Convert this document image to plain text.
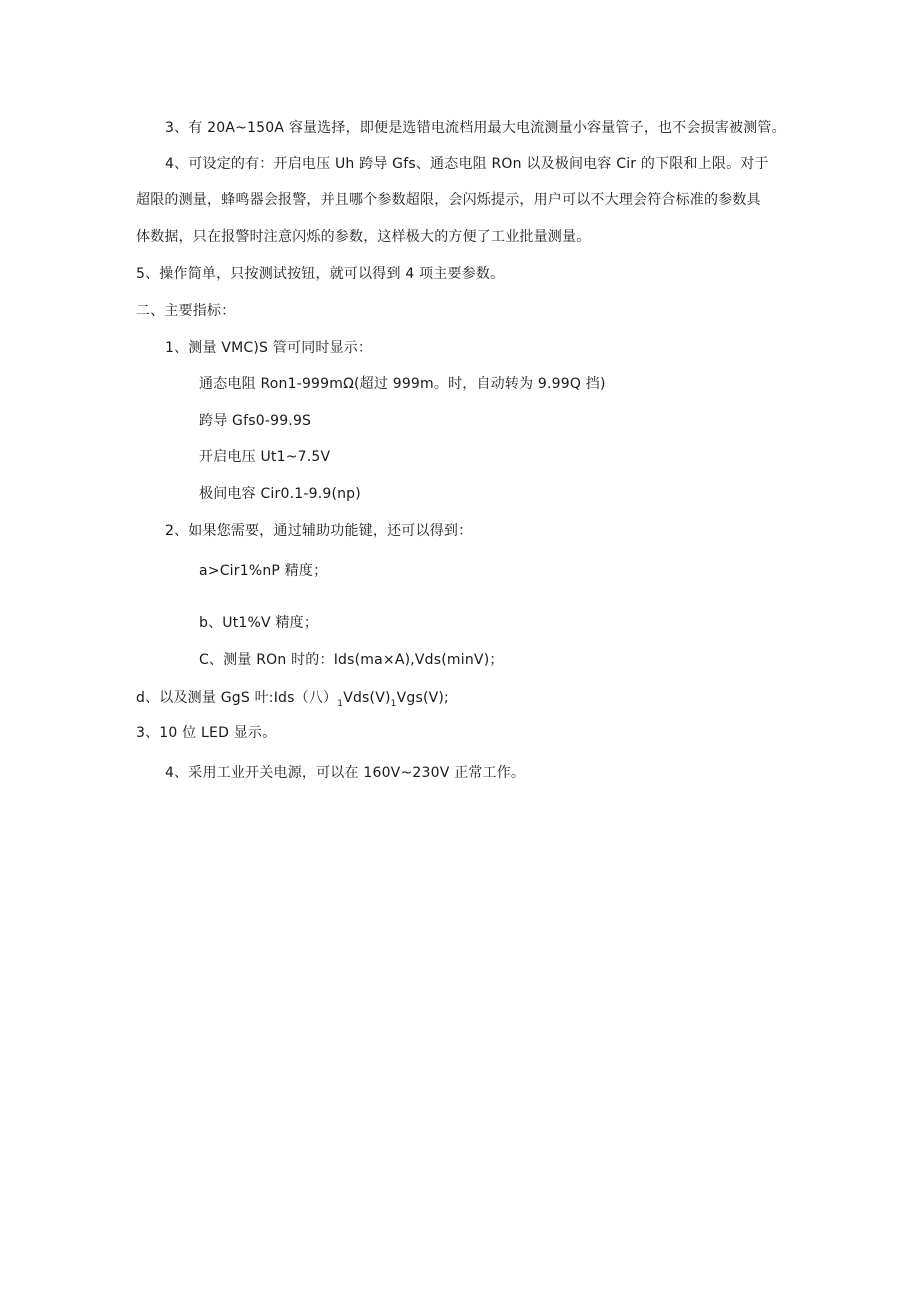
3、有 20A~150A 容量选择，即便是选错电流档用最大电流测量小容量管子，也不会损害被测管。
4、可设定的有：开启电压 Uh 跨导 Gfs、通态电阻 ROn 以及极间电容 Cir 的下限和上限。对于
超限的测量，蜂鸣器会报警，并且哪个参数超限，会闪烁提示，用户可以不大理会符合标准的参数具
体数据，只在报警时注意闪烁的参数，这样极大的方便了工业批量测量。
5、操作简单，只按测试按钮，就可以得到 4 项主要参数。
二、主要指标：
1、测量 VMC)S 管可同时显示：
通态电阻 Ron1-999mΩ(超过 999m。时，自动转为 9.99Q 挡)
跨导 Gfs0-99.9S
开启电压 Ut1~7.5V
极间电容 Cir0.1-9.9(np)
2、如果您需要，通过辅助功能键，还可以得到：
a>Cir1%nP 精度；
b、Ut1%V 精度；
C、测量 ROn 时的：Ids(ma×A),Vds(minV)；
d、以及测量 GgS 叶:Ids（八）$_1Vds(V)_1Vgs(V)$;
3、10 位 LED 显示。
4、采用工业开关电源，可以在 160V~230V 正常工作。
